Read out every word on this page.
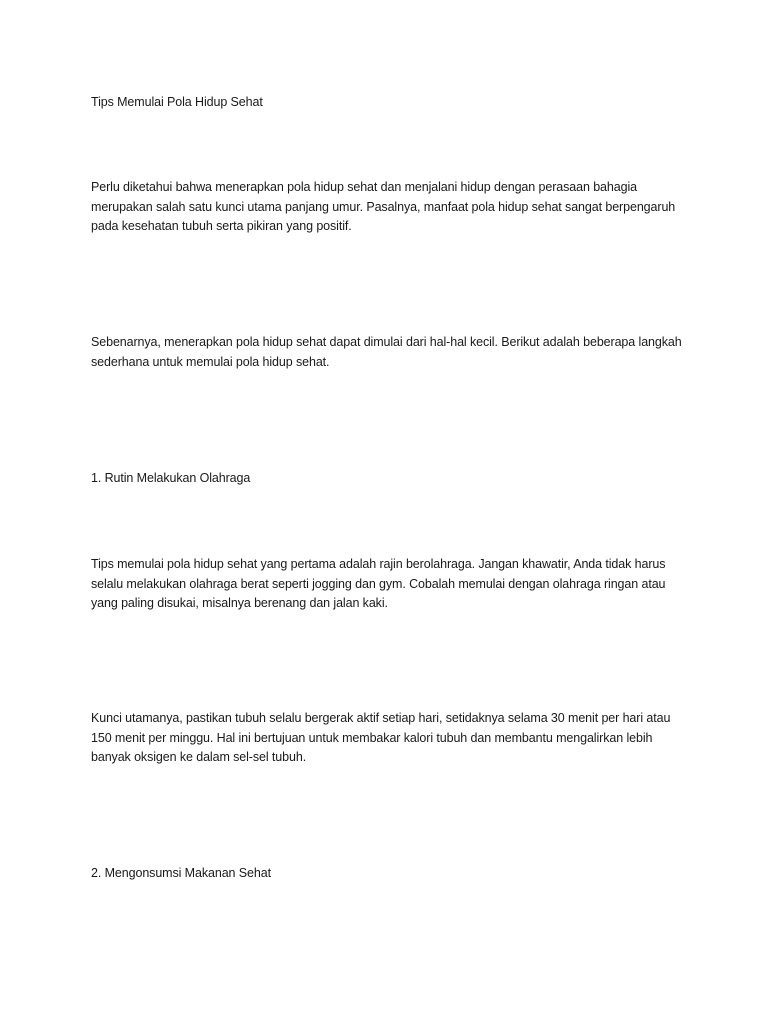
Tips Memulai Pola Hidup Sehat

Perlu diketahui bahwa menerapkan pola hidup sehat dan menjalani hidup dengan perasaan bahagia merupakan salah satu kunci utama panjang umur. Pasalnya, manfaat pola hidup sehat sangat berpengaruh pada kesehatan tubuh serta pikiran yang positif.

Sebenarnya, menerapkan pola hidup sehat dapat dimulai dari hal-hal kecil. Berikut adalah beberapa langkah sederhana untuk memulai pola hidup sehat.

1. Rutin Melakukan Olahraga

Tips memulai pola hidup sehat yang pertama adalah rajin berolahraga. Jangan khawatir, Anda tidak harus selalu melakukan olahraga berat seperti jogging dan gym. Cobalah memulai dengan olahraga ringan atau yang paling disukai, misalnya berenang dan jalan kaki.

Kunci utamanya, pastikan tubuh selalu bergerak aktif setiap hari, setidaknya selama 30 menit per hari atau 150 menit per minggu. Hal ini bertujuan untuk membakar kalori tubuh dan membantu mengalirkan lebih banyak oksigen ke dalam sel-sel tubuh.

2. Mengonsumsi Makanan Sehat
